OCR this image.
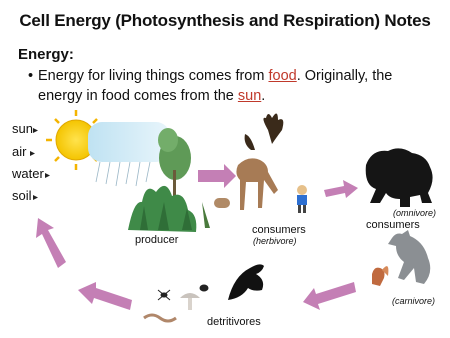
Cell Energy (Photosynthesis and Respiration) Notes
Energy:
• Energy for living things comes from food. Originally, the energy in food comes from the sun.
sun
air
water
soil
producer
consumers
(herbivore)
(omnivore)
consumers
(carnivore)
detritivores
